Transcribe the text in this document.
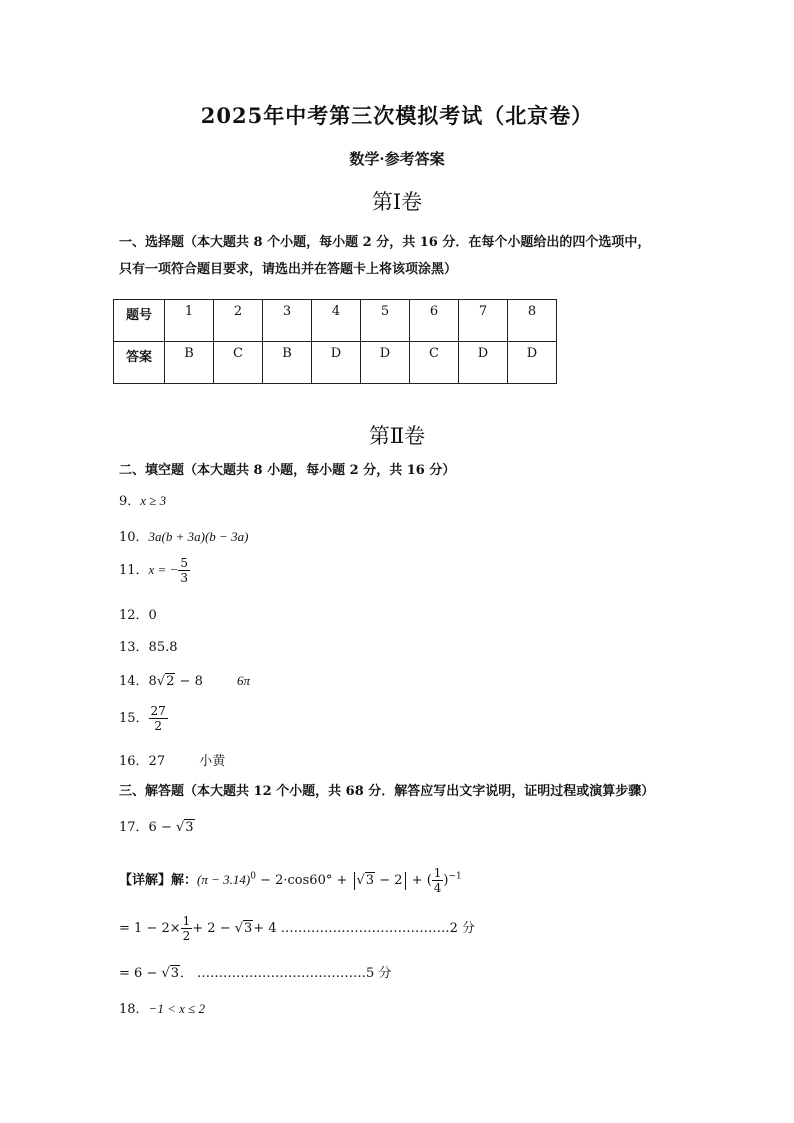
2025年中考第三次模拟考试（北京卷）
数学·参考答案
第Ⅰ卷
一、选择题（本大题共 8 个小题，每小题 2 分，共 16 分．在每个小题给出的四个选项中，
只有一项符合题目要求，请选出并在答题卡上将该项涂黑）
题号	1	2	3	4	5	6	7	8
答案	B	C	B	D	D	C	D	D
第Ⅱ卷
二、填空题（本大题共 8 小题，每小题 2 分，共 16 分）
9．x ≥ 3
10．3a(b + 3a)(b − 3a)
11．x = − $\frac{5}{3}$
12．0
13．85.8
14．8√2 − 8	6π
15． $\frac{27}{2}$
16．27	小黄
三、解答题（本大题共 12 个小题，共 68 分．解答应写出文字说明，证明过程或演算步骤）
17．6 − √3
【详解】解：$(\pi - 3.14)^0 - 2\cdot\cos 60^\circ + √3 - 2$ + ( $\frac{1}{4} )^{-1}$
= $1 - 2\times \frac{1}{2} + 2 - √3+ 4$ …………………………………2 分
= 6 − √3． …………………………………5 分
18．−1 < x ≤ 2
